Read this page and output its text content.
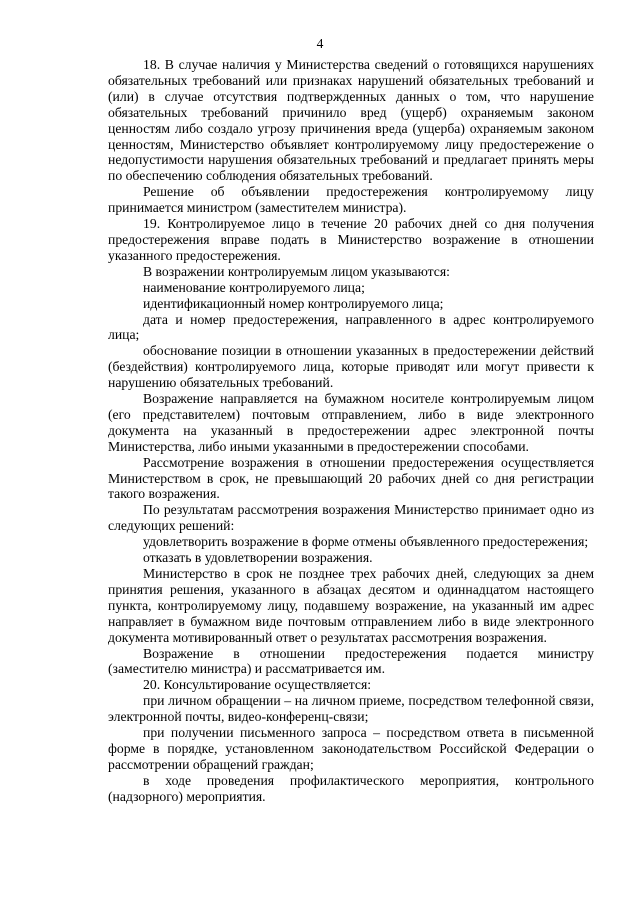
4

18. В случае наличия у Министерства сведений о готовящихся нарушениях обязательных требований или признаках нарушений обязательных требований и (или) в случае отсутствия подтвержденных данных о том, что нарушение обязательных требований причинило вред (ущерб) охраняемым законом ценностям либо создало угрозу причинения вреда (ущерба) охраняемым законом ценностям, Министерство объявляет контролируемому лицу предостережение о недопустимости нарушения обязательных требований и предлагает принять меры по обеспечению соблюдения обязательных требований.

Решение об объявлении предостережения контролируемому лицу принимается министром (заместителем министра).

19. Контролируемое лицо в течение 20 рабочих дней со дня получения предостережения вправе подать в Министерство возражение в отношении указанного предостережения.

В возражении контролируемым лицом указываются:

наименование контролируемого лица;

идентификационный номер контролируемого лица;

дата и номер предостережения, направленного в адрес контролируемого лица;

обоснование позиции в отношении указанных в предостережении действий (бездействия) контролируемого лица, которые приводят или могут привести к нарушению обязательных требований.

Возражение направляется на бумажном носителе контролируемым лицом (его представителем) почтовым отправлением, либо в виде электронного документа на указанный в предостережении адрес электронной почты Министерства, либо иными указанными в предостережении способами.

Рассмотрение возражения в отношении предостережения осуществляется Министерством в срок, не превышающий 20 рабочих дней со дня регистрации такого возражения.

По результатам рассмотрения возражения Министерство принимает одно из следующих решений:

удовлетворить возражение в форме отмены объявленного предостережения;

отказать в удовлетворении возражения.

Министерство в срок не позднее трех рабочих дней, следующих за днем принятия решения, указанного в абзацах десятом и одиннадцатом настоящего пункта, контролируемому лицу, подавшему возражение, на указанный им адрес направляет в бумажном виде почтовым отправлением либо в виде электронного документа мотивированный ответ о результатах рассмотрения возражения.

Возражение в отношении предостережения подается министру (заместителю министра) и рассматривается им.

20. Консультирование осуществляется:

при личном обращении – на личном приеме, посредством телефонной связи, электронной почты, видео-конференц-связи;

при получении письменного запроса – посредством ответа в письменной форме в порядке, установленном законодательством Российской Федерации о рассмотрении обращений граждан;

в ходе проведения профилактического мероприятия, контрольного (надзорного) мероприятия.
